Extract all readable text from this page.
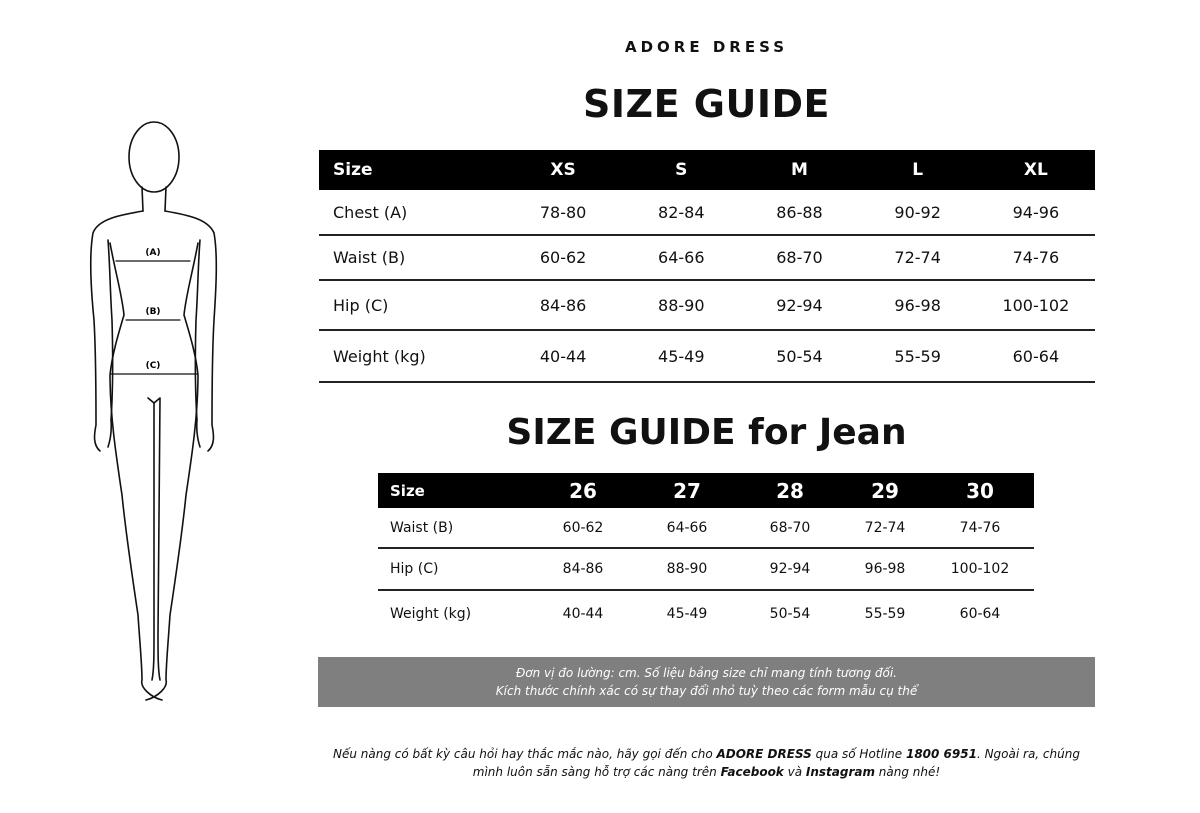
(A)
(B)
(C)
ADORE DRESS
SIZE GUIDE
Size	XS	S	M	L	XL
Chest (A)	78-80	82-84	86-88	90-92	94-96
Waist (B)	60-62	64-66	68-70	72-74	74-76
Hip (C)	84-86	88-90	92-94	96-98	100-102
Weight (kg)	40-44	45-49	50-54	55-59	60-64
SIZE GUIDE for Jean
Size	26	27	28	29	30
Waist (B)	60-62	64-66	68-70	72-74	74-76
Hip (C)	84-86	88-90	92-94	96-98	100-102
Weight (kg)	40-44	45-49	50-54	55-59	60-64
Đơn vị đo lường: cm. Số liệu bảng size chỉ mang tính tương đối.
Kích thước chính xác có sự thay đổi nhỏ tuỳ theo các form mẫu cụ thể
Nếu nàng có bất kỳ câu hỏi hay thắc mắc nào, hãy gọi đến cho ADORE DRESS qua số Hotline 1800 6951. Ngoài ra, chúng mình luôn sẵn sàng hỗ trợ các nàng trên Facebook và Instagram nàng nhé!
